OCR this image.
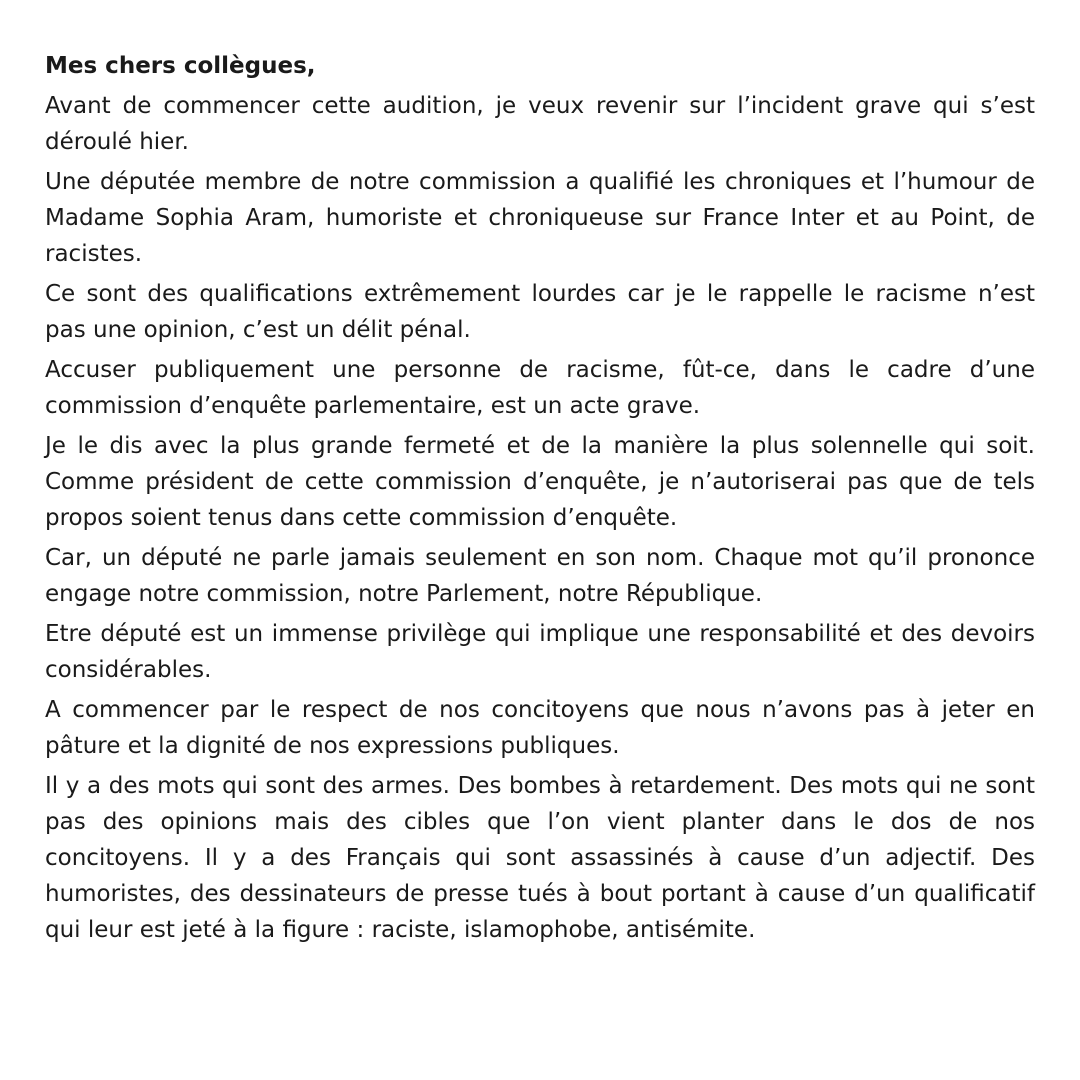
Mes chers collègues,

Avant de commencer cette audition, je veux revenir sur l’incident grave qui s’est déroulé hier.

Une députée membre de notre commission a qualifié les chroniques et l’humour de Madame Sophia Aram, humoriste et chroniqueuse sur France Inter et au Point, de racistes.

Ce sont des qualifications extrêmement lourdes car je le rappelle le racisme n’est pas une opinion, c’est un délit pénal.

Accuser publiquement une personne de racisme, fût-ce, dans le cadre d’une commission d’enquête parlementaire, est un acte grave.

Je le dis avec la plus grande fermeté et de la manière la plus solennelle qui soit. Comme président de cette commission d’enquête, je n’autoriserai pas que de tels propos soient tenus dans cette commission d’enquête.

Car, un député ne parle jamais seulement en son nom. Chaque mot qu’il prononce engage notre commission, notre Parlement, notre République.

Etre député est un immense privilège qui implique une responsabilité et des devoirs considérables.

A commencer par le respect de nos concitoyens que nous n’avons pas à jeter en pâture et la dignité de nos expressions publiques.

Il y a des mots qui sont des armes. Des bombes à retardement. Des mots qui ne sont pas des opinions mais des cibles que l’on vient planter dans le dos de nos concitoyens. Il y a des Français qui sont assassinés à cause d’un adjectif. Des humoristes, des dessinateurs de presse tués à bout portant à cause d’un qualificatif qui leur est jeté à la figure : raciste, islamophobe, antisémite.
